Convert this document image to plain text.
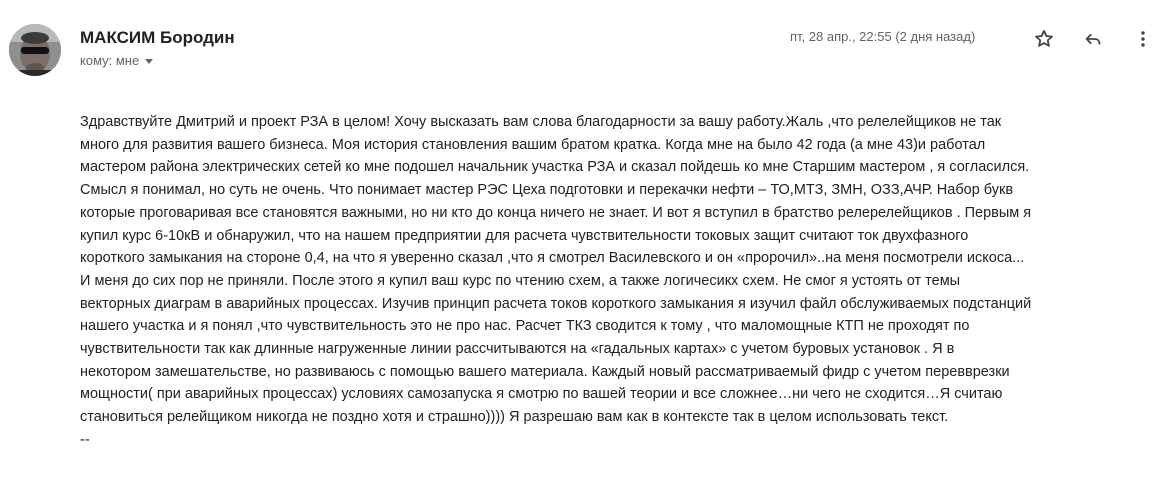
МАКСИМ Бородин
кому: мне
пт, 28 апр., 22:55 (2 дня назад)
Здравствуйте Дмитрий и проект РЗА в целом! Хочу высказать вам слова благодарности за вашу работу.Жаль ,что релелейщиков не так
много для развития вашего бизнеса. Моя история становления вашим братом кратка. Когда мне на было 42 года (а мне 43)и работал
мастером района электрических сетей ко мне подошел начальник участка РЗА и сказал пойдешь ко мне Старшим мастером , я согласился.
Смысл я понимал, но суть не очень. Что понимает мастер РЭС Цеха подготовки и перекачки нефти – ТО,МТЗ, ЗМН, ОЗЗ,АЧР. Набор букв
которые проговаривая все становятся важными, но ни кто до конца ничего не знает. И вот я вступил в братство релерелейщиков . Первым я
купил курс 6-10кВ и обнаружил, что на нашем предприятии для расчета чувствительности токовых защит считают ток двухфазного
короткого замыкания на стороне 0,4, на что я уверенно сказал ,что я смотрел Василевского и он «пророчил»..на меня посмотрели искоса...
И меня до сих пор не приняли. После этого я купил ваш курс по чтению схем, а также логичесикх схем. Не смог я устоять от темы
векторных диаграм в аварийных процессах. Изучив принцип расчета токов короткого замыкания я изучил файл обслуживаемых подстанций
нашего участка и я понял ,что чувствительность это не про нас. Расчет ТКЗ сводится к тому , что маломощные КТП не проходят по
чувствительности так как длинные нагруженные линии рассчитываются на «гадальных картах» с учетом буровых установок . Я в
некотором замешательстве, но развиваюсь с помощью вашего материала. Каждый новый рассматриваемый фидр с учетом перевврезки
мощности( при аварийных процессах) условиях самозапуска я смотрю по вашей теории и все сложнее…ни чего не сходится…Я считаю
становиться релейщиком никогда не поздно хотя и страшно)))) Я разрешаю вам как в контексте так в целом использовать текст.
--
